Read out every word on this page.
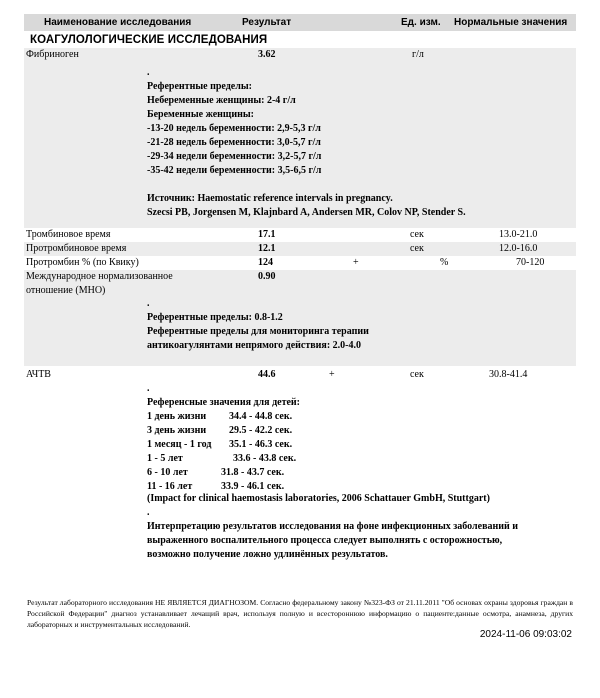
Наименование исследования	Результат	Ед. изм. Нормальные значения
КОАГУЛОЛОГИЧЕСКИЕ ИССЛЕДОВАНИЯ
Фибриноген	3.62	г/л
.
Референтные пределы:
Небеременные женщины: 2-4 г/л
Беременные женщины:
-13-20 недель беременности: 2,9-5,3 г/л
-21-28 недель беременности: 3,0-5,7 г/л
-29-34 недели беременности: 3,2-5,7 г/л
-35-42 недели беременности: 3,5-6,5 г/л
Источник: Haemostatic reference intervals in pregnancy.
Szecsi PB, Jorgensen M, Klajnbard A, Andersen MR, Colov NP, Stender S.
Тромбиновое время	17.1	сек	13.0-21.0
Протромбиновое время	12.1	сек	12.0-16.0
Протромбин % (по Квику)	124	+	%	70-120
Международное нормализованное
отношение (МНО)
0.90
.
Референтные пределы: 0.8-1.2
Референтные пределы для мониторинга терапии
антикоагулянтами непрямого действия: 2.0-4.0
АЧТВ	44.6	+	сек	30.8-41.4
.
Референсные значения для детей:
1 день жизни 34.4 - 44.8 сек.
3 день жизни 29.5 - 42.2 сек.
1 месяц - 1 год 35.1 - 46.3 сек.
1 - 5 лет	33.6 - 43.8 сек.
6 - 10 лет	31.8 - 43.7 сек.
11 - 16 лет	33.9 - 46.1 сек.
(Impact for clinical haemostasis laboratories, 2006 Schattauer GmbH, Stuttgart)
.
Интерпретацию результатов исследования на фоне инфекционных заболеваний и
выраженного воспалительного процесса следует выполнять с осторожностью,
возможно получение ложно удлинённых результатов.
Результат лабораторного исследования НЕ ЯВЛЯЕТСЯ ДИАГНОЗОМ. Согласно федеральному закону №323-ФЗ от 21.11.2011 "Об основах охраны здоровья граждан в Российской Федерации" диагноз устанавливает лечащий врач, используя полную и всестороннюю информацию о пациенте:данные осмотра, анамнеза, других лабораторных и инструментальных исследований.
2024-11-06 09:03:02
